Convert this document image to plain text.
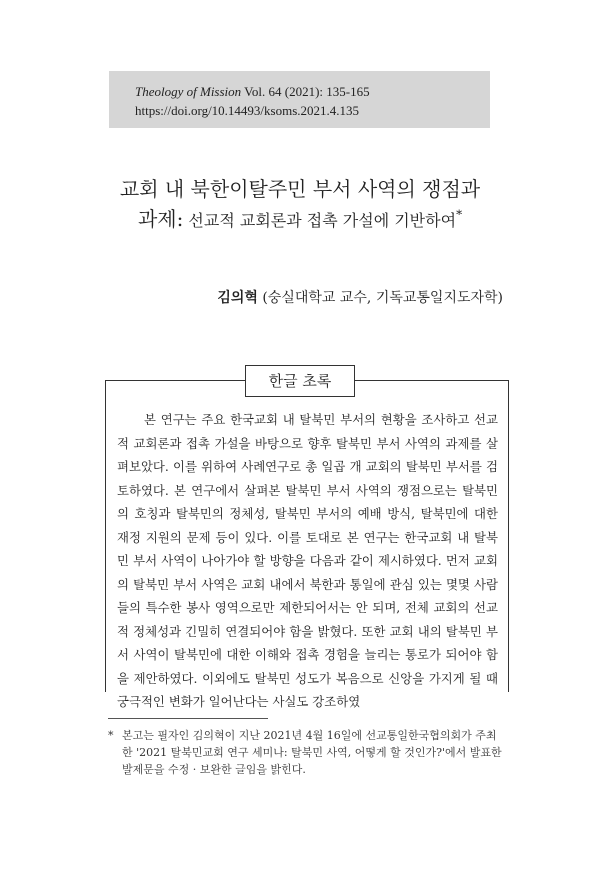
Theology of Mission Vol. 64 (2021): 135-165
https://doi.org/10.14493/ksoms.2021.4.135
교회 내 북한이탈주민 부서 사역의 쟁점과
과제: 선교적 교회론과 접촉 가설에 기반하여*
김의혁 (숭실대학교 교수, 기독교통일지도자학)
한글 초록
본 연구는 주요 한국교회 내 탈북민 부서의 현황을 조사하고 선교적 교회론과 접촉 가설을 바탕으로 향후 탈북민 부서 사역의 과제를 살펴보았다. 이를 위하여 사례연구로 총 일곱 개 교회의 탈북민 부서를 검토하였다. 본 연구에서 살펴본 탈북민 부서 사역의 쟁점으로는 탈북민의 호칭과 탈북민의 정체성, 탈북민 부서의 예배 방식, 탈북민에 대한 재정 지원의 문제 등이 있다. 이를 토대로 본 연구는 한국교회 내 탈북민 부서 사역이 나아가야 할 방향을 다음과 같이 제시하였다. 먼저 교회의 탈북민 부서 사역은 교회 내에서 북한과 통일에 관심 있는 몇몇 사람들의 특수한 봉사 영역으로만 제한되어서는 안 되며, 전체 교회의 선교적 정체성과 긴밀히 연결되어야 함을 밝혔다. 또한 교회 내의 탈북민 부서 사역이 탈북민에 대한 이해와 접촉 경험을 늘리는 통로가 되어야 함을 제안하였다. 이외에도 탈북민 성도가 복음으로 신앙을 가지게 될 때 궁극적인 변화가 일어난다는 사실도 강조하였
* 본고는 필자인 김의혁이 지난 2021년 4월 16일에 선교통일한국협의회가 주최한 '2021 탈북민교회 연구 세미나: 탈북민 사역, 어떻게 할 것인가?'에서 발표한 발제문을 수정 · 보완한 글임을 밝힌다.
